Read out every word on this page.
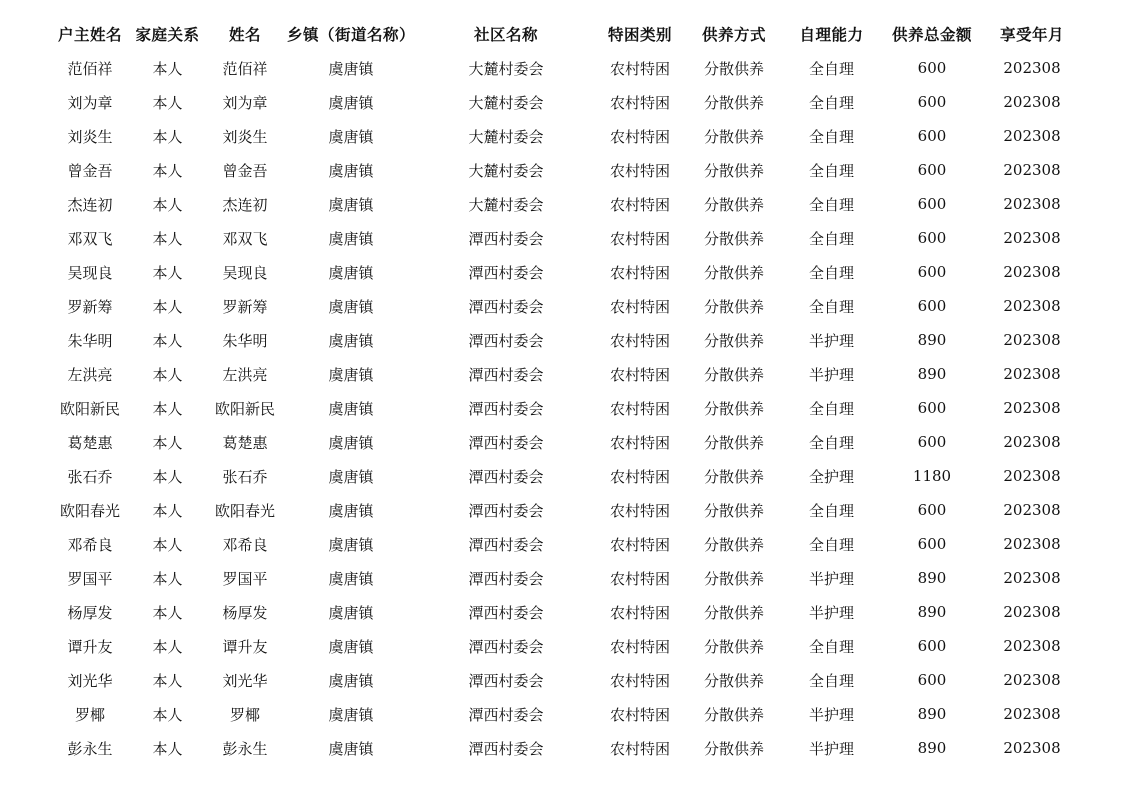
户主姓名	家庭关系	姓名	乡镇（街道名称）	社区名称	特困类别	供养方式	自理能力	供养总金额	享受年月
范佰祥	本人	范佰祥	虞唐镇	大麓村委会	农村特困	分散供养	全自理	600	202308
刘为章	本人	刘为章	虞唐镇	大麓村委会	农村特困	分散供养	全自理	600	202308
刘炎生	本人	刘炎生	虞唐镇	大麓村委会	农村特困	分散供养	全自理	600	202308
曾金吾	本人	曾金吾	虞唐镇	大麓村委会	农村特困	分散供养	全自理	600	202308
杰连初	本人	杰连初	虞唐镇	大麓村委会	农村特困	分散供养	全自理	600	202308
邓双飞	本人	邓双飞	虞唐镇	潭西村委会	农村特困	分散供养	全自理	600	202308
吴现良	本人	吴现良	虞唐镇	潭西村委会	农村特困	分散供养	全自理	600	202308
罗新筹	本人	罗新筹	虞唐镇	潭西村委会	农村特困	分散供养	全自理	600	202308
朱华明	本人	朱华明	虞唐镇	潭西村委会	农村特困	分散供养	半护理	890	202308
左洪亮	本人	左洪亮	虞唐镇	潭西村委会	农村特困	分散供养	半护理	890	202308
欧阳新民	本人	欧阳新民	虞唐镇	潭西村委会	农村特困	分散供养	全自理	600	202308
葛楚惠	本人	葛楚惠	虞唐镇	潭西村委会	农村特困	分散供养	全自理	600	202308
张石乔	本人	张石乔	虞唐镇	潭西村委会	农村特困	分散供养	全护理	1180	202308
欧阳春光	本人	欧阳春光	虞唐镇	潭西村委会	农村特困	分散供养	全自理	600	202308
邓希良	本人	邓希良	虞唐镇	潭西村委会	农村特困	分散供养	全自理	600	202308
罗国平	本人	罗国平	虞唐镇	潭西村委会	农村特困	分散供养	半护理	890	202308
杨厚发	本人	杨厚发	虞唐镇	潭西村委会	农村特困	分散供养	半护理	890	202308
谭升友	本人	谭升友	虞唐镇	潭西村委会	农村特困	分散供养	全自理	600	202308
刘光华	本人	刘光华	虞唐镇	潭西村委会	农村特困	分散供养	全自理	600	202308
罗椰	本人	罗椰	虞唐镇	潭西村委会	农村特困	分散供养	半护理	890	202308
彭永生	本人	彭永生	虞唐镇	潭西村委会	农村特困	分散供养	半护理	890	202308
